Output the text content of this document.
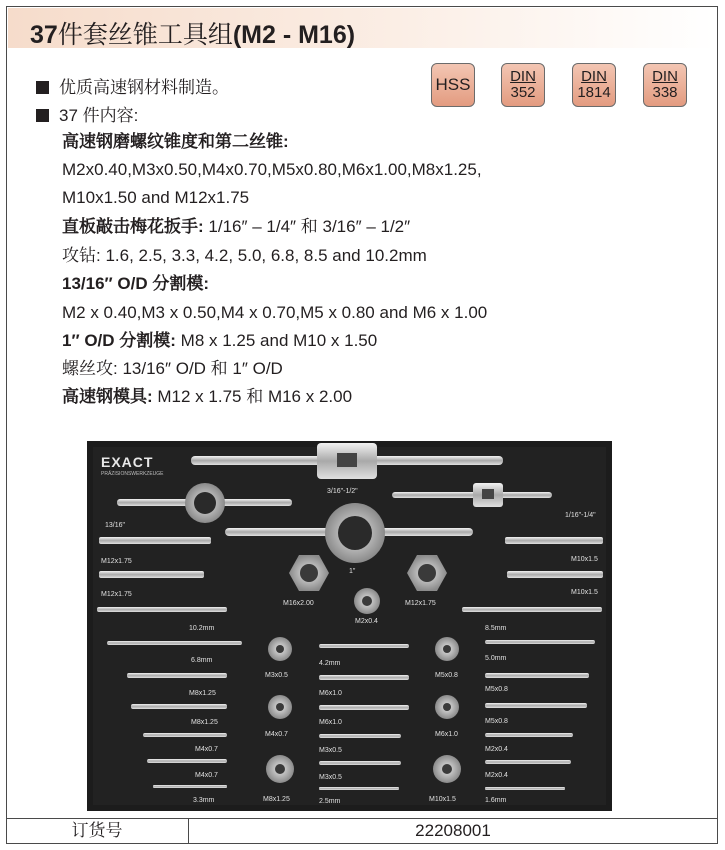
37件套丝锥工具组(M2 - M16)
优质高速钢材料制造。
37 件内容:
HSS	DIN
352
DIN
1814
DIN
338
高速钢磨螺纹锥度和第二丝锥:
M2x0.40,M3x0.50,M4x0.70,M5x0.80,M6x1.00,M8x1.25,
M10x1.50 and M12x1.75
直板敲击梅花扳手: 1/16″ – 1/4″ 和 3/16″ – 1/2″
攻钻: 1.6, 2.5, 3.3, 4.2, 5.0, 6.8, 8.5 and 10.2mm
13/16″ O/D 分割模:
M2 x 0.40,M3 x 0.50,M4 x 0.70,M5 x 0.80 and M6 x 1.00
1″ O/D 分割模: M8 x 1.25 and M10 x 1.50
螺丝攻: 13/16″ O/D 和 1″ O/D
高速钢模具: M12 x 1.75 和 M16 x 2.00
EXACT
PRÄZISIONSWERKZEUGE
3/16"-1/2"
1/16"-1/4"
13/16"
1"
M16x2.00	M12x1.75
M2x0.4
M12x1.75
M12x1.75
M10x1.5
M10x1.5
10.2mm	8.5mm
6.8mm	5.0mm
4.2mm
M3x0.5
M4x0.7
M8x1.25
M5x0.8
M6x1.0
M10x1.5
M8x1.25
M8x1.25
M4x0.7
M4x0.7
3.3mm
M6x1.0
M6x1.0
M3x0.5
M3x0.5
2.5mm
M5x0.8
M5x0.8
M2x0.4
M2x0.4
1.6mm
订货号	22208001
